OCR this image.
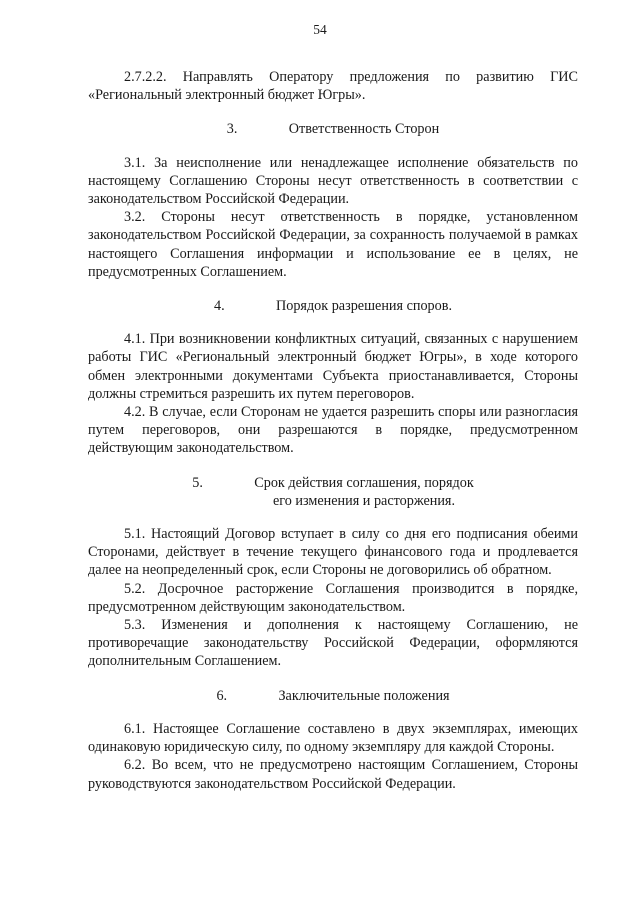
54

2.7.2.2. Направлять Оператору предложения по развитию ГИС «Региональный электронный бюджет Югры».

3.	Ответственность Сторон

3.1. За неисполнение или ненадлежащее исполнение обязательств по настоящему Соглашению Стороны несут ответственность в соответствии с законодательством Российской Федерации.

3.2. Стороны несут ответственность в порядке, установленном законодательством Российской Федерации, за сохранность получаемой в рамках настоящего Соглашения информации и использование ее в целях, не предусмотренных Соглашением.

4.	Порядок разрешения споров.

4.1. При возникновении конфликтных ситуаций, связанных с нарушением работы ГИС «Региональный электронный бюджет Югры», в ходе которого обмен электронными документами Субъекта приостанавливается, Стороны должны стремиться разрешить их путем переговоров.

4.2. В случае, если Сторонам не удается разрешить споры или разногласия путем переговоров, они разрешаются в порядке, предусмотренном действующим законодательством.

5.	Срок действия соглашения, порядок
его изменения и расторжения.

5.1. Настоящий Договор вступает в силу со дня его подписания обеими Сторонами, действует в течение текущего финансового года и продлевается далее на неопределенный срок, если Стороны не договорились об обратном.

5.2. Досрочное расторжение Соглашения производится в порядке, предусмотренном действующим законодательством.

5.3. Изменения и дополнения к настоящему Соглашению, не противоречащие законодательству Российской Федерации, оформляются дополнительным Соглашением.

6.	Заключительные положения

6.1. Настоящее Соглашение составлено в двух экземплярах, имеющих одинаковую юридическую силу, по одному экземпляру для каждой Стороны.

6.2. Во всем, что не предусмотрено настоящим Соглашением, Стороны руководствуются законодательством Российской Федерации.
